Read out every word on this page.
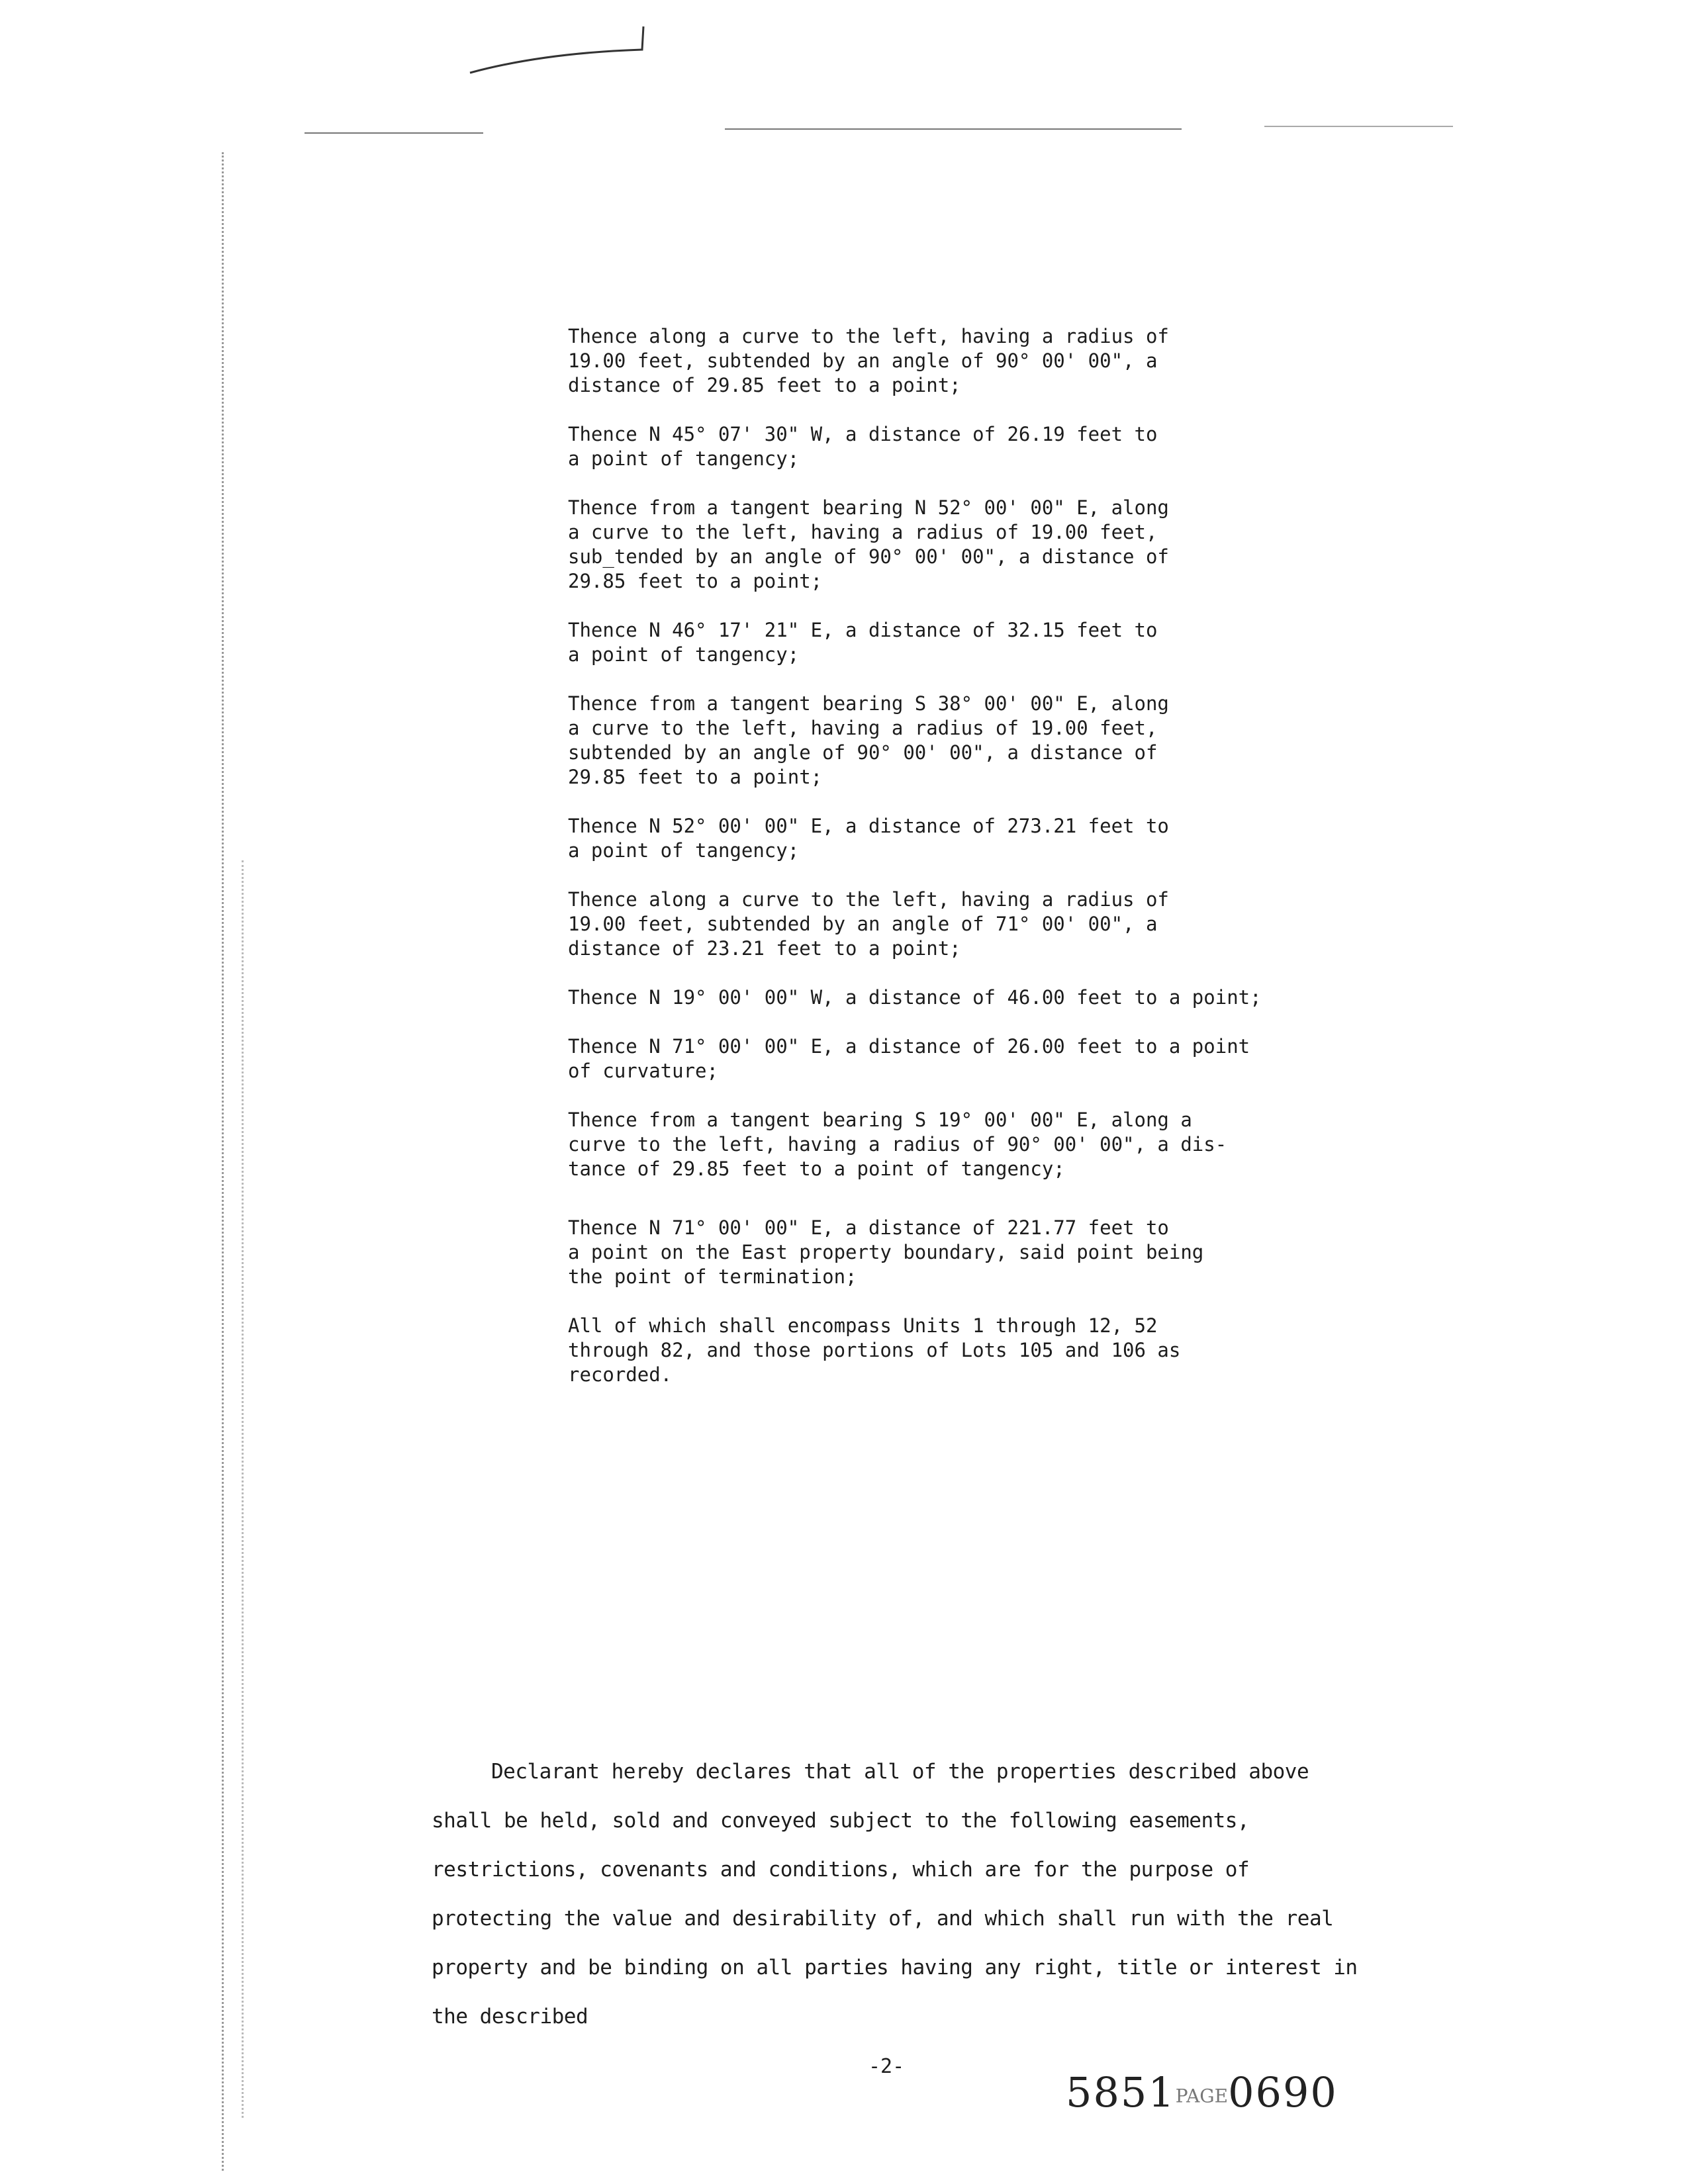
Thence along a curve to the left, having a radius of
19.00 feet, subtended by an angle of 90° 00' 00", a
distance of 29.85 feet to a point;

Thence N 45° 07' 30" W, a distance of 26.19 feet to
a point of tangency;

Thence from a tangent bearing N 52° 00' 00" E, along
a curve to the left, having a radius of 19.00 feet,
sub_tended by an angle of 90° 00' 00", a distance of
29.85 feet to a point;

Thence N 46° 17' 21" E, a distance of 32.15 feet to
a point of tangency;

Thence from a tangent bearing S 38° 00' 00" E, along
a curve to the left, having a radius of 19.00 feet,
subtended by an angle of 90° 00' 00", a distance of
29.85 feet to a point;

Thence N 52° 00' 00" E, a distance of 273.21 feet to
a point of tangency;

Thence along a curve to the left, having a radius of
19.00 feet, subtended by an angle of 71° 00' 00", a
distance of 23.21 feet to a point;

Thence N 19° 00' 00" W, a distance of 46.00 feet to a point;

Thence N 71° 00' 00" E, a distance of 26.00 feet to a point
of curvature;

Thence from a tangent bearing S 19° 00' 00" E, along a
curve to the left, having a radius of 90° 00' 00", a dis-
tance of 29.85 feet to a point of tangency;

Thence N 71° 00' 00" E, a distance of 221.77 feet to
a point on the East property boundary, said point being
the point of termination;

All of which shall encompass Units 1 through 12, 52
through 82, and those portions of Lots 105 and 106 as
recorded.

Declarant hereby declares that all of the properties described above shall be held, sold and conveyed subject to the following easements, restrictions, covenants and conditions, which are for the purpose of protecting the value and desirability of, and which shall run with the real property and be binding on all parties having any right, title or interest in the described

-2-
5851PAGE0690
